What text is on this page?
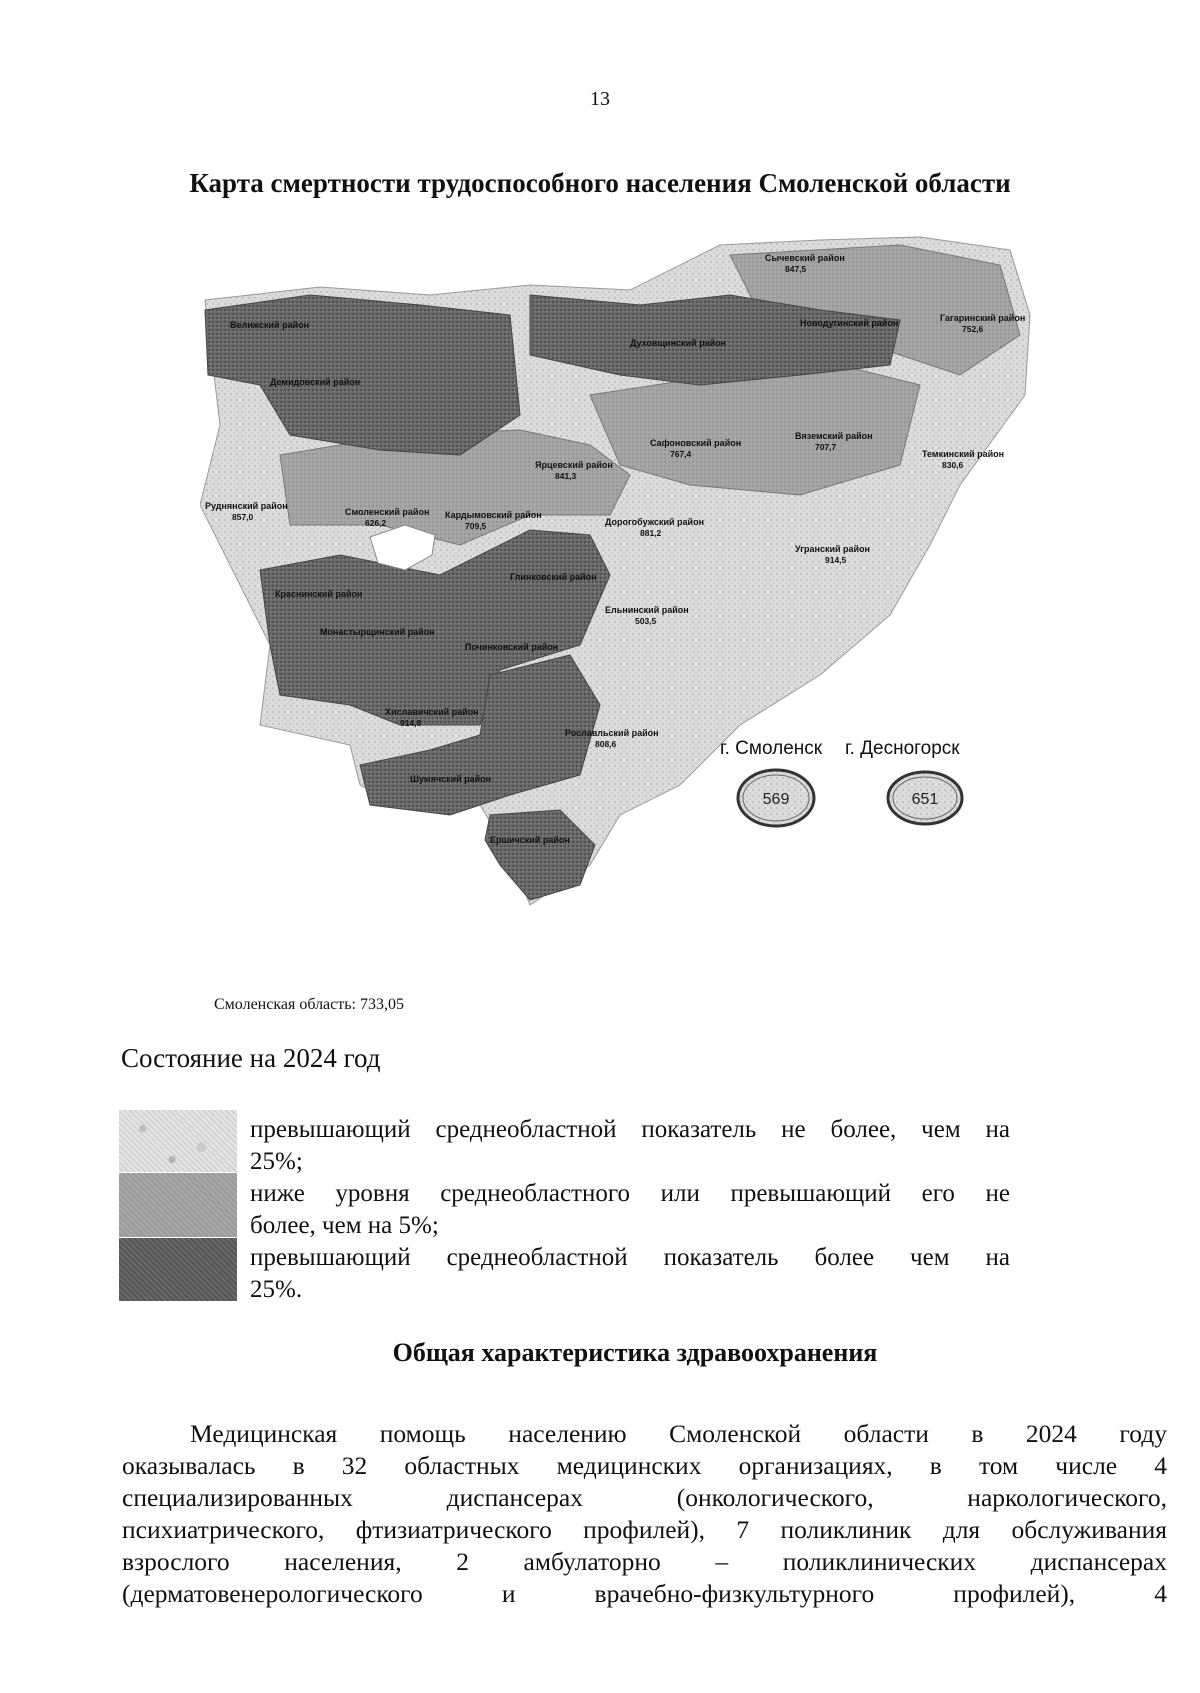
13
Карта смертности трудоспособного населения Смоленской области
Сычевский район
847,5
Гагаринский район
752,6
Новодугинский район
Велижский район
Демидовский район
Духовщинский район
Сафоновский район
767,4
Вяземский район
707,7
Темкинский район
830,6
Ярцевский район
841,3
Руднянский район
857,0	Смоленский район
626,2
Кардымовский район
709,5	Дорогобужский район
881,2
Угранский район
914,5
Глинковский район
Краснинский район
Ельнинский район
503,5
Монастырщинский район
Починковский район
Хиславичский район
914,8
Рославльский район
808,6
Шумячский район
Ершичский район
г. Смоленск
569
г. Десногорск
651
Смоленская область: 733,05
Состояние на 2024 год
превышающий среднеобластной показатель не более, чем на
25%;
ниже уровня среднеобластного или превышающий его не
более, чем на 5%;
превышающий среднеобластной показатель более чем на
25%.
Общая характеристика здравоохранения
Медицинская помощь населению Смоленской области в 2024 году
оказывалась в 32 областных медицинских организациях, в том числе 4
специализированных диспансерах (онкологического, наркологического,
психиатрического, фтизиатрического профилей), 7 поликлиник для обслуживания
взрослого населения, 2 амбулаторно – поликлинических диспансерах
(дерматовенерологического и врачебно-физкультурного профилей), 4
